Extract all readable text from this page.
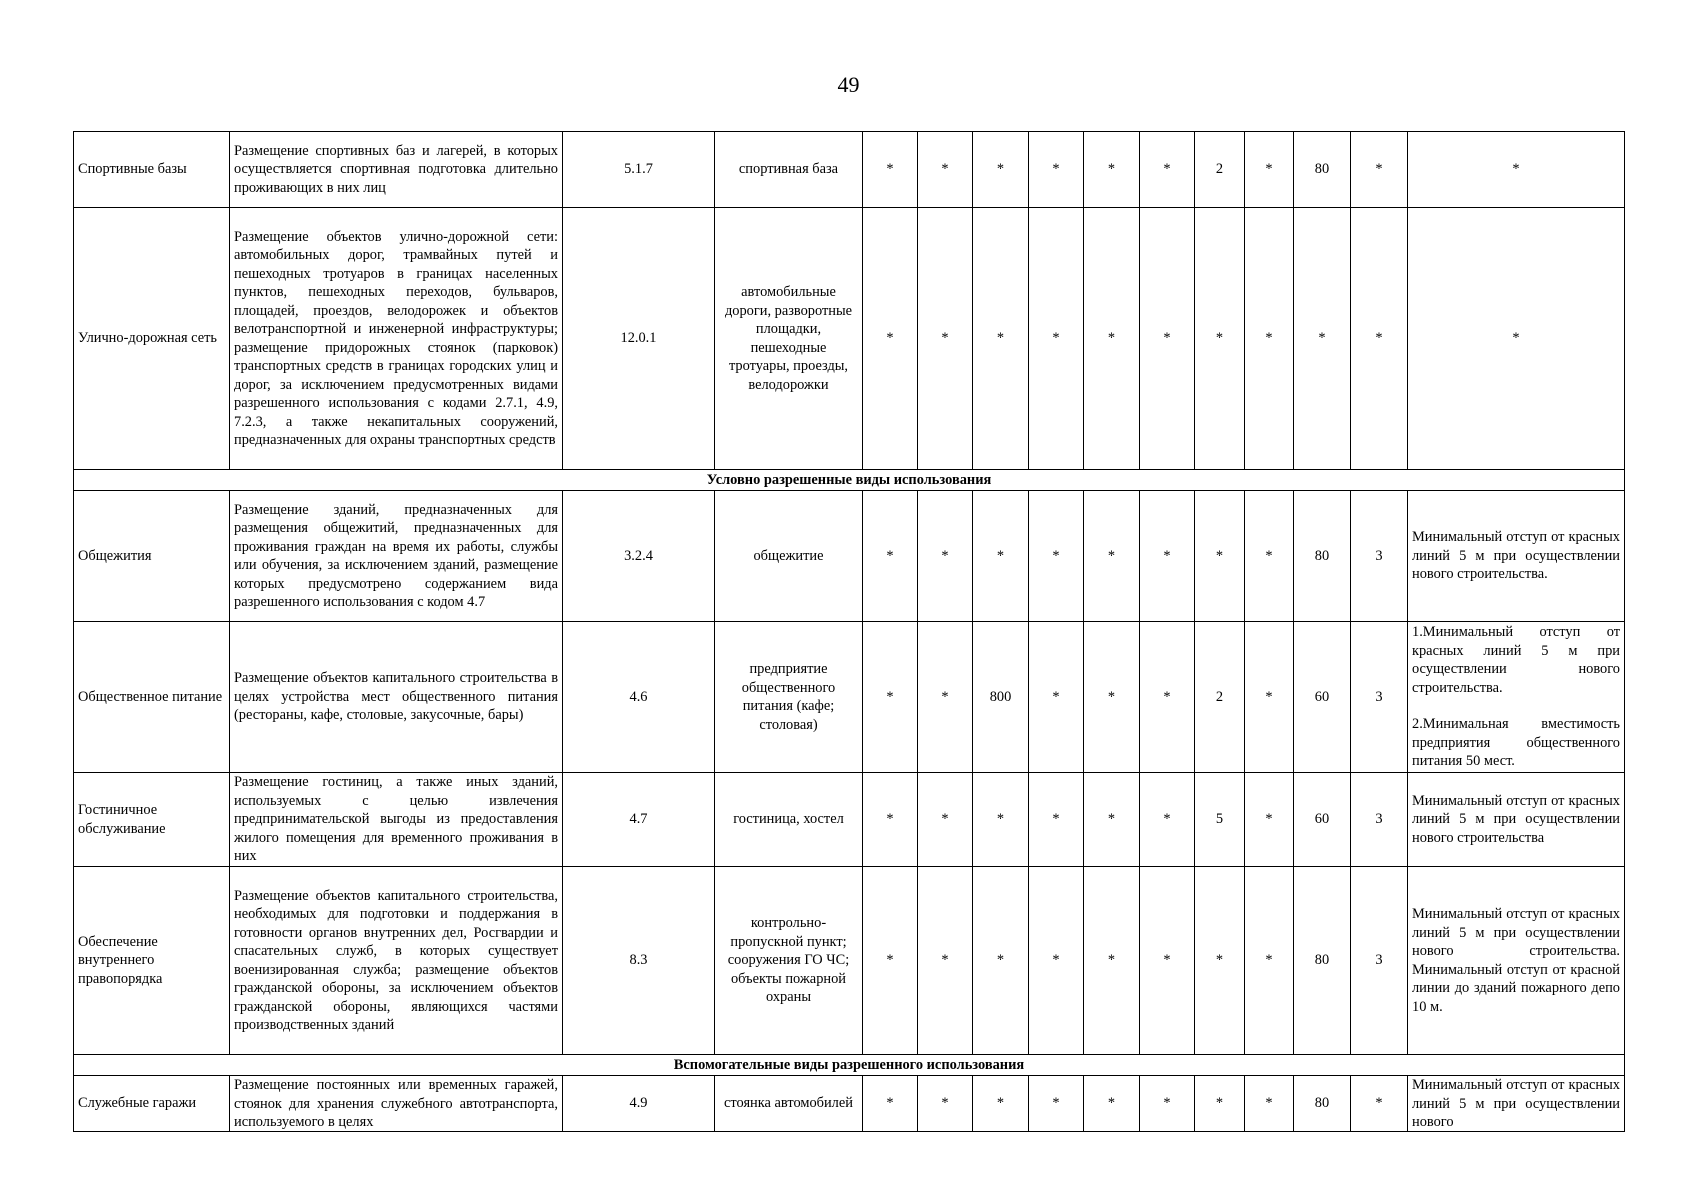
49
Спортивные базы	Размещение спортивных баз и лагерей, в которых осуществляется спортивная подготовка длительно проживающих в них лиц	5.1.7	спортивная база	*	*	*	*	*	*	2	*	80	*	*

Улично-дорожная сеть	Размещение объектов улично-дорожной сети: автомобильных дорог, трамвайных путей и пешеходных тротуаров в границах населенных пунктов, пешеходных переходов, бульваров, площадей, проездов, велодорожек и объектов велотранспортной и инженерной инфраструктуры; размещение придорожных стоянок (парковок) транспортных средств в границах городских улиц и дорог, за исключением предусмотренных видами разрешенного использования с кодами 2.7.1, 4.9, 7.2.3, а также некапитальных сооружений, предназначенных для охраны транспортных средств	12.0.1	автомобильные дороги, разворотные площадки, пешеходные тротуары, проезды, велодорожки	*	*	*	*	*	*	*	*	*	*	*

Условно разрешенные виды использования														
Общежития	Размещение зданий, предназначенных для размещения общежитий, предназначенных для проживания граждан на время их работы, службы или обучения, за исключением зданий, размещение которых предусмотрено содержанием вида разрешенного использования с кодом 4.7	3.2.4	общежитие	*	*	*	*	*	*	*	*	80	3	Минимальный отступ от красных линий 5 м при осуществлении нового строительства.

Общественное питание	Размещение объектов капитального строительства в целях устройства мест общественного питания (рестораны, кафе, столовые, закусочные, бары)	4.6	предприятие общественного питания (кафе; столовая)	*	*	800	*	*	*	2	*	60	3	1.Минимальный отступ от красных линий 5 м при осуществлении нового строительства.
2.Минимальная вместимость предприятия общественного питания 50 мест.

Гостиничное обслуживание	Размещение гостиниц, а также иных зданий, используемых с целью извлечения предпринимательской выгоды из предоставления жилого помещения для временного проживания в них	4.7	гостиница, хостел	*	*	*	*	*	*	5	*	60	3	Минимальный отступ от красных линий 5 м при осуществлении нового строительства

Обеспечение внутреннего правопорядка	Размещение объектов капитального строительства, необходимых для подготовки и поддержания в готовности органов внутренних дел, Росгвардии и спасательных служб, в которых существует военизированная служба; размещение объектов гражданской обороны, за исключением объектов гражданской обороны, являющихся частями производственных зданий	8.3	контрольно-пропускной пункт; сооружения ГО ЧС; объекты пожарной охраны	*	*	*	*	*	*	*	*	80	3	Минимальный отступ от красных линий 5 м при осуществлении нового строительства. Минимальный отступ от красной линии до зданий пожарного депо 10 м.

Вспомогательные виды разрешенного использования														
Служебные гаражи	Размещение постоянных или временных гаражей, стоянок для хранения служебного автотранспорта, используемого в целях	4.9	стоянка автомобилей	*	*	*	*	*	*	*	*	80	*	Минимальный отступ от красных линий 5 м при осуществлении нового
